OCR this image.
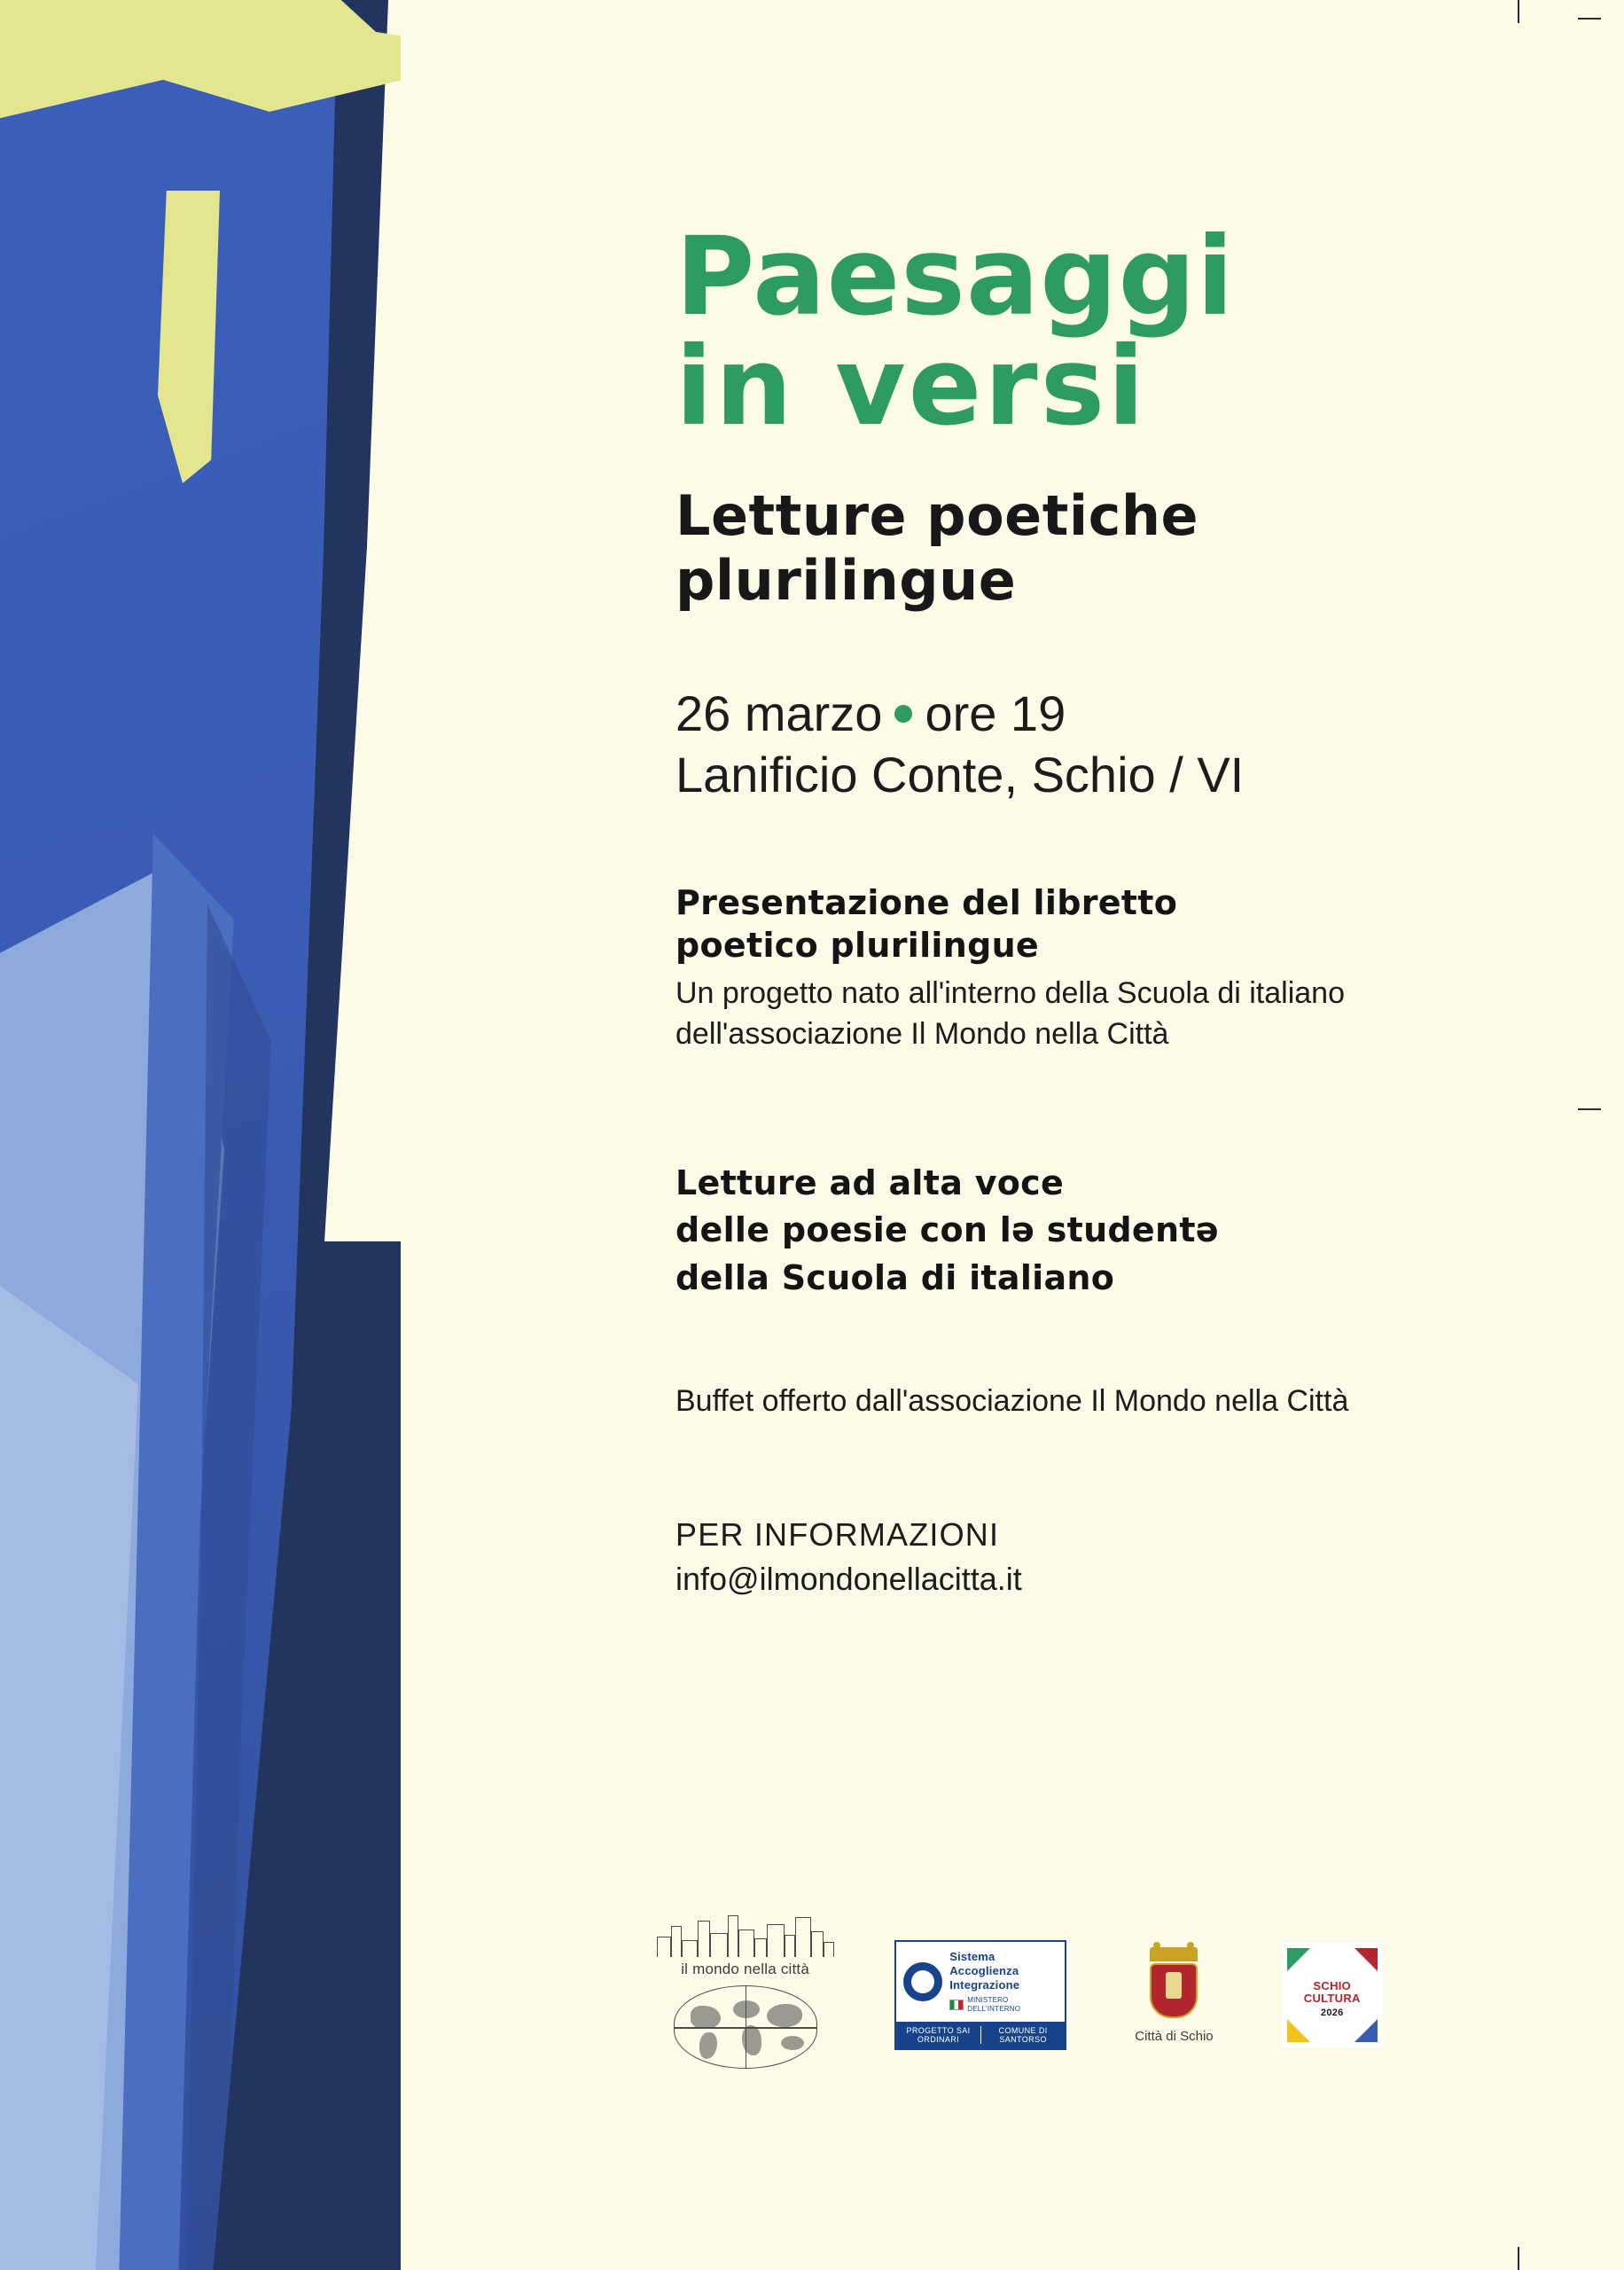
Paesaggi
in versi
Letture poetiche
plurilingue
26 marzo ore 19
Lanificio Conte, Schio / VI
Presentazione del libretto
poetico plurilingue
Un progetto nato all'interno della Scuola di italiano
dell'associazione Il Mondo nella Città
Letture ad alta voce
delle poesie con lə studentə
della Scuola di italiano
Buffet offerto dall'associazione Il Mondo nella Città
PER INFORMAZIONI
info@ilmondonellacitta.it
il mondo nella città
Sistema
Accoglienza
Integrazione
MINISTERO DELL'INTERNO
PROGETTO SAI
ORDINARI
COMUNE DI
SANTORSO	Città di Schio
SCHIO
CULTURA
2026
